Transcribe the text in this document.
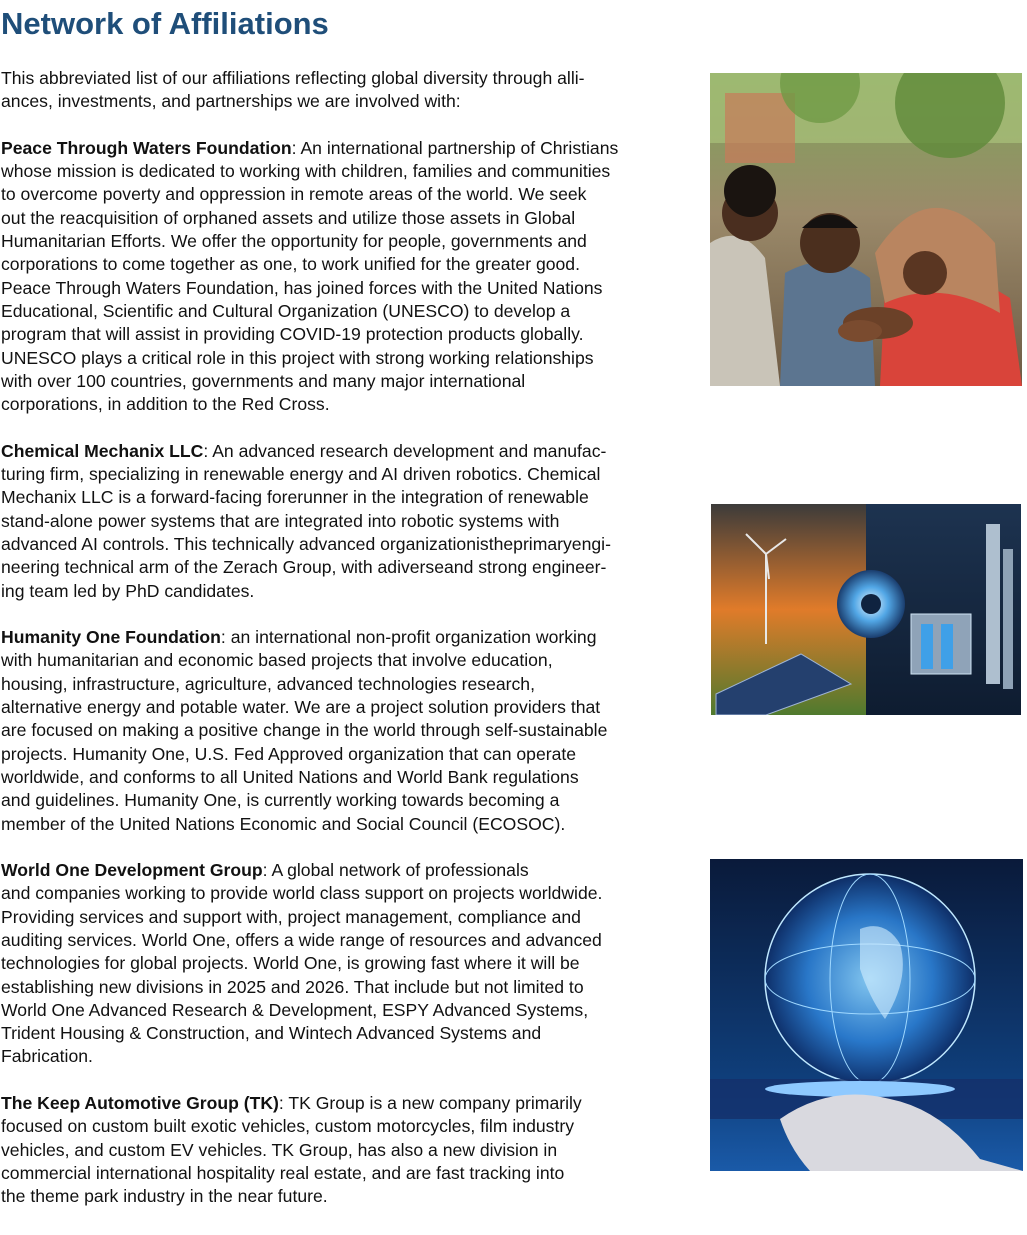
Network of Affiliations

This abbreviated list of our affiliations reflecting global diversity through alli-
ances, investments, and partnerships we are involved with:

Peace Through Waters Foundation: An international partnership of Christians
whose mission is dedicated to working with children, families and communities
to overcome poverty and oppression in remote areas of the world. We seek
out the reacquisition of orphaned assets and utilize those assets in Global
Humanitarian Efforts. We offer the opportunity for people, governments and
corporations to come together as one, to work unified for the greater good.
Peace Through Waters Foundation, has joined forces with the United Nations
Educational, Scientific and Cultural Organization (UNESCO) to develop a
program that will assist in providing COVID-19 protection products globally.
UNESCO plays a critical role in this project with strong working relationships
with over 100 countries, governments and many major international
corporations, in addition to the Red Cross.

Chemical Mechanix LLC: An advanced research development and manufac-
turing firm, specializing in renewable energy and AI driven robotics. Chemical
Mechanix LLC is a forward-facing forerunner in the integration of renewable
stand-alone power systems that are integrated into robotic systems with
advanced AI controls. This technically advanced organizationistheprimaryengi-
neering technical arm of the Zerach Group, with adiverseand strong engineer-
ing team led by PhD candidates.

Humanity One Foundation: an international non-profit organization working
with humanitarian and economic based projects that involve education,
housing, infrastructure, agriculture, advanced technologies research,
alternative energy and potable water. We are a project solution providers that
are focused on making a positive change in the world through self-sustainable
projects. Humanity One, U.S. Fed Approved organization that can operate
worldwide, and conforms to all United Nations and World Bank regulations
and guidelines. Humanity One, is currently working towards becoming a
member of the United Nations Economic and Social Council (ECOSOC).

World One Development Group: A global network of professionals
and companies working to provide world class support on projects worldwide.
Providing services and support with, project management, compliance and
auditing services. World One, offers a wide range of resources and advanced
technologies for global projects. World One, is growing fast where it will be
establishing new divisions in 2025 and 2026. That include but not limited to
World One Advanced Research & Development, ESPY Advanced Systems,
Trident Housing & Construction, and Wintech Advanced Systems and
Fabrication.

The Keep Automotive Group (TK): TK Group is a new company primarily
focused on custom built exotic vehicles, custom motorcycles, film industry
vehicles, and custom EV vehicles. TK Group, has also a new division in
commercial international hospitality real estate, and are fast tracking into
the theme park industry in the near future.
